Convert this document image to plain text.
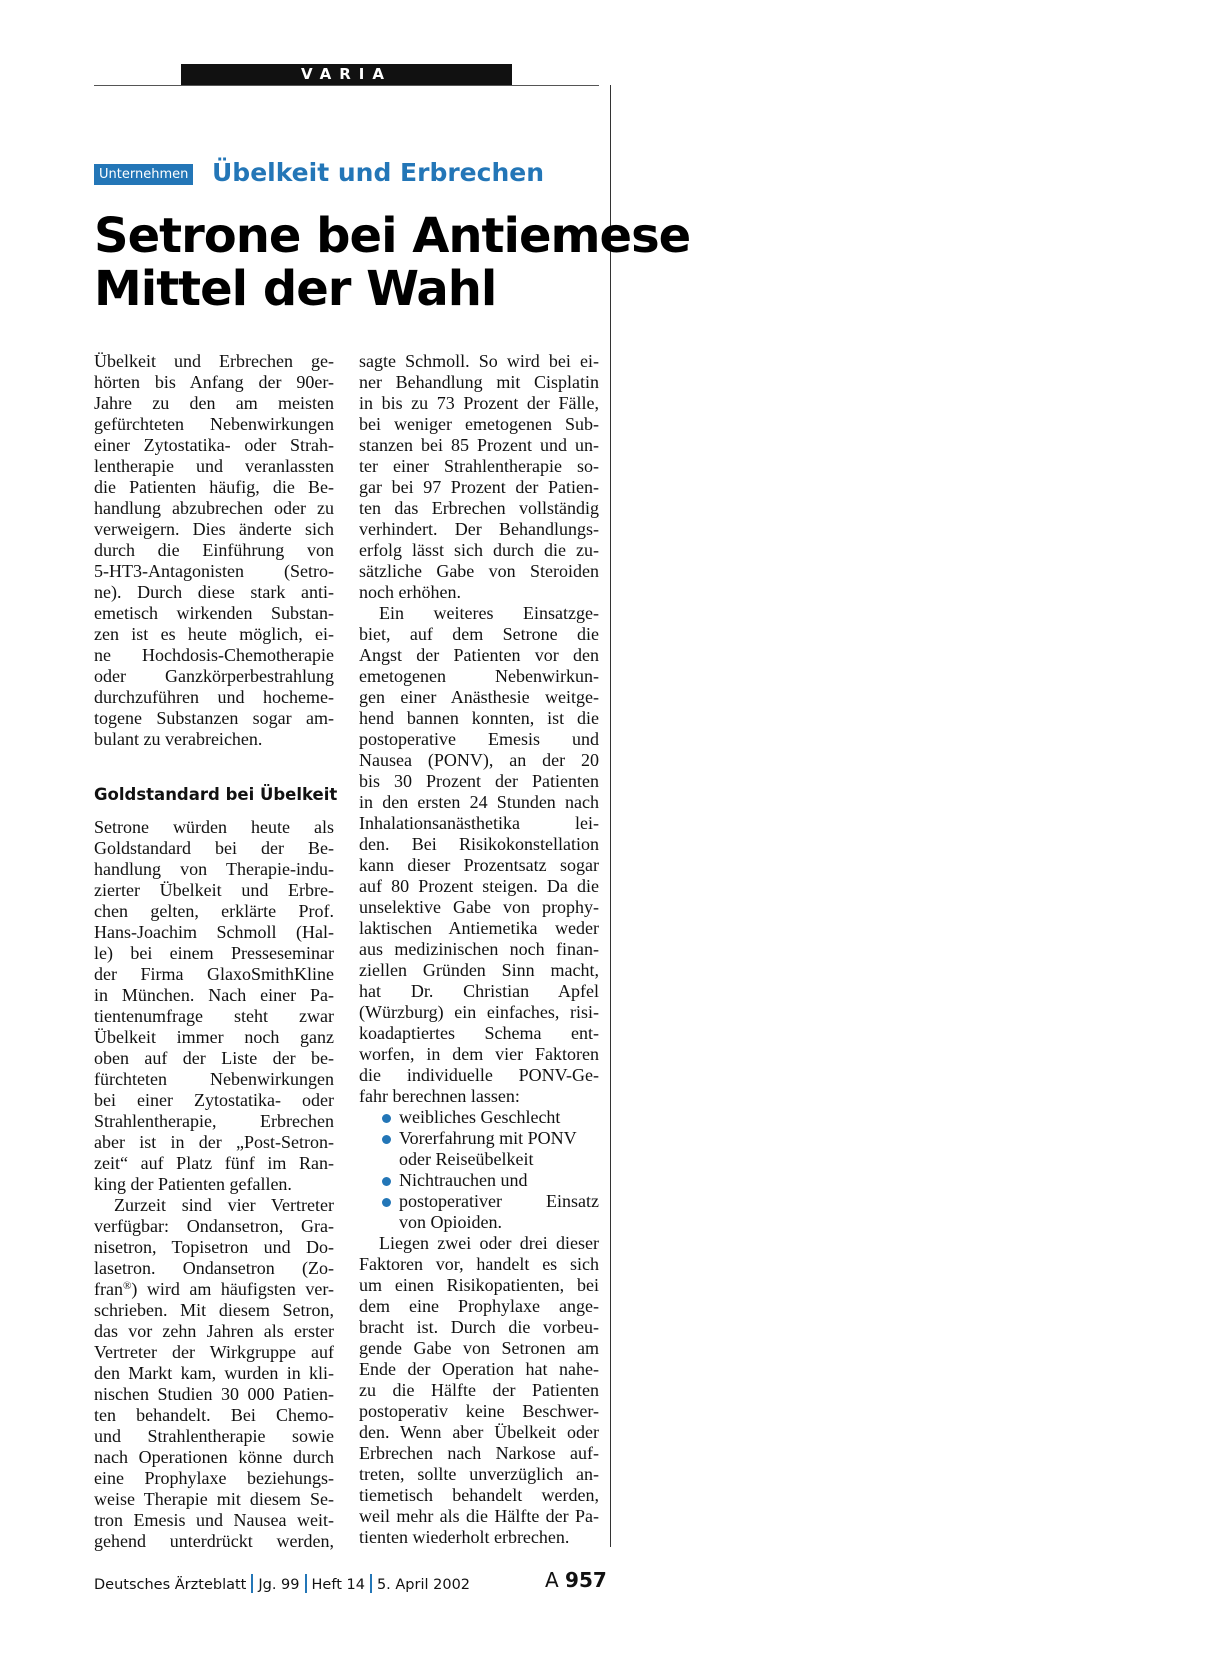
VARIA
Unternehmen Übelkeit und Erbrechen
Setrone bei Antiemese
Mittel der Wahl
Übelkeit und Erbrechen ge-
hörten bis Anfang der 90er-
Jahre zu den am meisten
gefürchteten Nebenwirkungen
einer Zytostatika- oder Strah-
lentherapie und veranlassten
die Patienten häufig, die Be-
handlung abzubrechen oder zu
verweigern. Dies änderte sich
durch die Einführung von
5-HT3-Antagonisten (Setro-
ne). Durch diese stark anti-
emetisch wirkenden Substan-
zen ist es heute möglich, ei-
ne Hochdosis-Chemotherapie
oder Ganzkörperbestrahlung
durchzuführen und hocheme-
togene Substanzen sogar am-
bulant zu verabreichen.
Goldstandard bei Übelkeit
Setrone würden heute als
Goldstandard bei der Be-
handlung von Therapie-indu-
zierter Übelkeit und Erbre-
chen gelten, erklärte Prof.
Hans-Joachim Schmoll (Hal-
le) bei einem Presseseminar
der Firma GlaxoSmithKline
in München. Nach einer Pa-
tientenumfrage steht zwar
Übelkeit immer noch ganz
oben auf der Liste der be-
fürchteten Nebenwirkungen
bei einer Zytostatika- oder
Strahlentherapie, Erbrechen
aber ist in der „Post-Setron-
zeit“ auf Platz fünf im Ran-
king der Patienten gefallen.
Zurzeit sind vier Vertreter
verfügbar: Ondansetron, Gra-
nisetron, Topisetron und Do-
lasetron. Ondansetron (Zo-
fran®) wird am häufigsten ver-
schrieben. Mit diesem Setron,
das vor zehn Jahren als erster
Vertreter der Wirkgruppe auf
den Markt kam, wurden in kli-
nischen Studien 30 000 Patien-
ten behandelt. Bei Chemo-
und Strahlentherapie sowie
nach Operationen könne durch
eine Prophylaxe beziehungs-
weise Therapie mit diesem Se-
tron Emesis und Nausea weit-
gehend unterdrückt werden,
sagte Schmoll. So wird bei ei-
ner Behandlung mit Cisplatin
in bis zu 73 Prozent der Fälle,
bei weniger emetogenen Sub-
stanzen bei 85 Prozent und un-
ter einer Strahlentherapie so-
gar bei 97 Prozent der Patien-
ten das Erbrechen vollständig
verhindert. Der Behandlungs-
erfolg lässt sich durch die zu-
sätzliche Gabe von Steroiden
noch erhöhen.
Ein weiteres Einsatzge-
biet, auf dem Setrone die
Angst der Patienten vor den
emetogenen Nebenwirkun-
gen einer Anästhesie weitge-
hend bannen konnten, ist die
postoperative Emesis und
Nausea (PONV), an der 20
bis 30 Prozent der Patienten
in den ersten 24 Stunden nach
Inhalationsanästhetika lei-
den. Bei Risikokonstellation
kann dieser Prozentsatz sogar
auf 80 Prozent steigen. Da die
unselektive Gabe von prophy-
laktischen Antiemetika weder
aus medizinischen noch finan-
ziellen Gründen Sinn macht,
hat Dr. Christian Apfel
(Würzburg) ein einfaches, risi-
koadaptiertes Schema ent-
worfen, in dem vier Faktoren
die individuelle PONV-Ge-
fahr berechnen lassen:
weibliches Geschlecht
Vorerfahrung mit PONV
oder Reiseübelkeit
Nichtrauchen und
postoperativer Einsatz
von Opioiden.
Liegen zwei oder drei dieser
Faktoren vor, handelt es sich
um einen Risikopatienten, bei
dem eine Prophylaxe ange-
bracht ist. Durch die vorbeu-
gende Gabe von Setronen am
Ende der Operation hat nahe-
zu die Hälfte der Patienten
postoperativ keine Beschwer-
den. Wenn aber Übelkeit oder
Erbrechen nach Narkose auf-
treten, sollte unverzüglich an-
tiemetisch behandelt werden,
weil mehr als die Hälfte der Pa-
tienten wiederholt erbrechen.
Deutsches Ärzteblatt Jg. 99 Heft 14 5. April 2002	A 957
